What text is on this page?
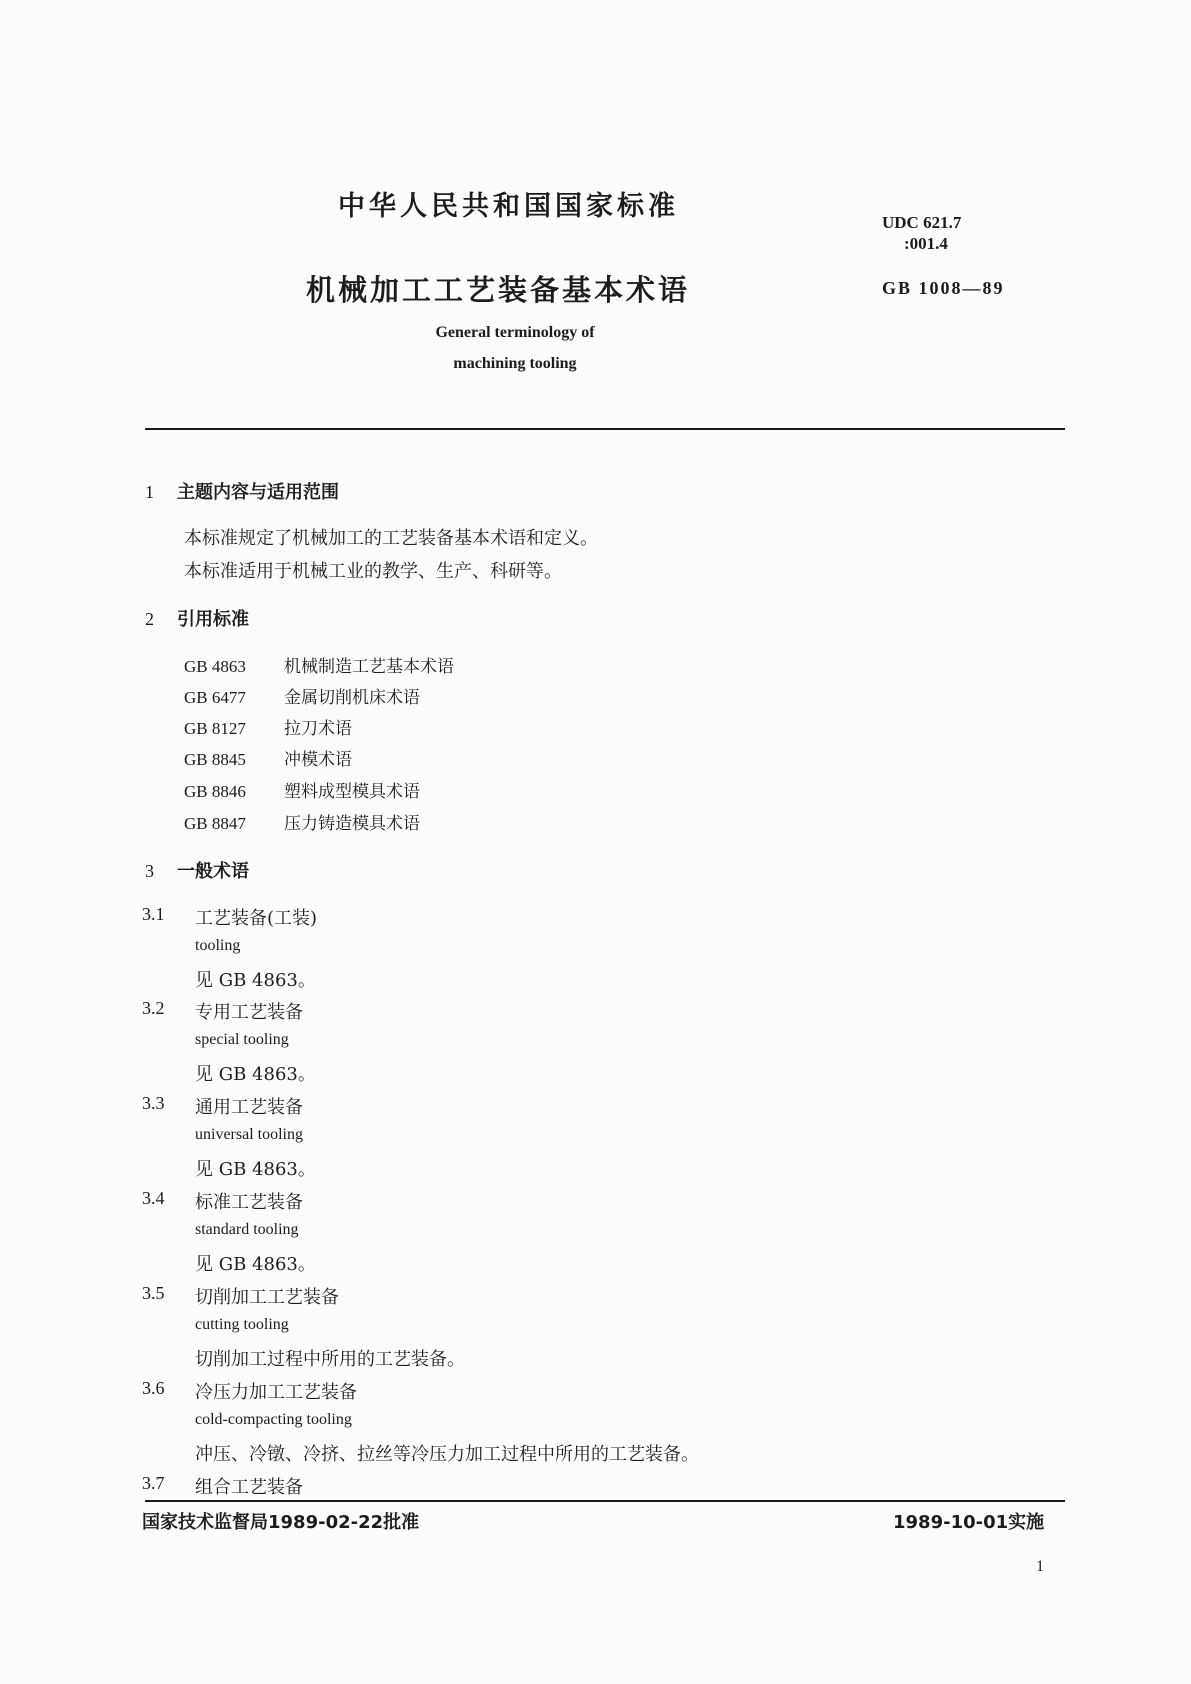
中华人民共和国国家标准
UDC 621.7
:001.4
机械加工工艺装备基本术语	GB 1008—89
General terminology of
machining tooling
1 主题内容与适用范围
本标准规定了机械加工的工艺装备基本术语和定义。
本标准适用于机械工业的教学、生产、科研等。
2 引用标准
GB 4863 机械制造工艺基本术语
GB 6477 金属切削机床术语
GB 8127 拉刀术语
GB 8845 冲模术语
GB 8846 塑料成型模具术语
GB 8847 压力铸造模具术语
3 一般术语
3.1 工艺装备(工装)
tooling
见 GB 4863。
3.2 专用工艺装备
special tooling
见 GB 4863。
3.3 通用工艺装备
universal tooling
见 GB 4863。
3.4 标准工艺装备
standard tooling
见 GB 4863。
3.5 切削加工工艺装备
cutting tooling
切削加工过程中所用的工艺装备。
3.6 冷压力加工工艺装备
cold-compacting tooling
冲压、冷镦、冷挤、拉丝等冷压力加工过程中所用的工艺装备。
3.7 组合工艺装备
国家技术监督局1989-02-22批准	1989-10-01实施
1
